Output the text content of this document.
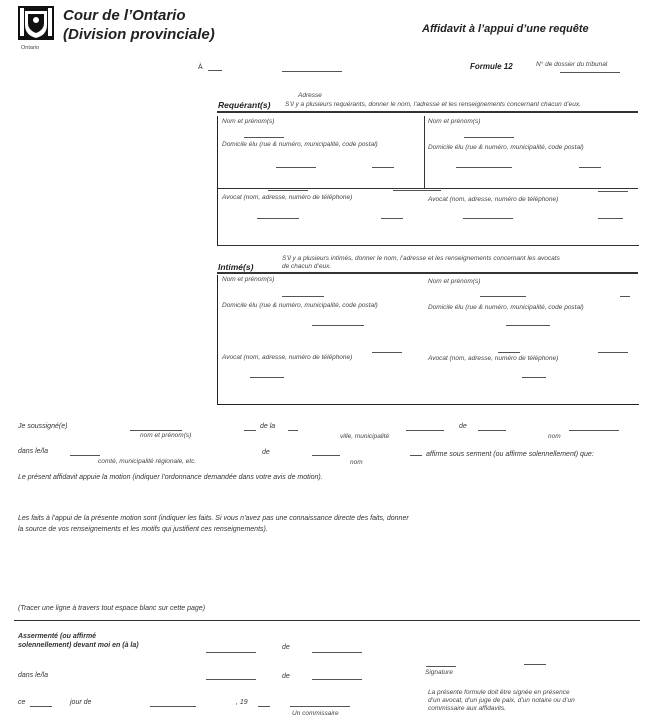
Ontario
Cour de l’Ontario
(Division provinciale)	Affidavit à l’appui d’une requête
À
Adresse
Formule 12	N° de dossier du tribunal
Requérant(s) S’il y a plusieurs requérants, donner le nom, l’adresse et les renseignements concernant chacun d’eux.
Nom et prénom(s)	Nom et prénom(s)
Domicile élu (rue & numéro, municipalité, code postal)	Domicile élu (rue & numéro, municipalité, code postal)
Avocat (nom, adresse, numéro de téléphone)	Avocat (nom, adresse, numéro de téléphone)
S’il y a plusieurs intimés, donner le nom, l’adresse et les renseignements concernant les avocats
de chacun d’eux.
Intimé(s)
Nom et prénom(s)	Nom et prénom(s)
Domicile élu (rue & numéro, municipalité, code postal)	Domicile élu (rue & numéro, municipalité, code postal)
Avocat (nom, adresse, numéro de téléphone)	Avocat (nom, adresse, numéro de téléphone)
Je soussigné(e)
nom et prénom(s)
de la
ville, municipalité
de
nom
dans le/la
comté, municipalité régionale, etc.
de
nom
affirme sous serment (ou affirme solennellement) que:
Le présent affidavit appuie la motion (indiquer l’ordonnance demandée dans votre avis de motion).
Les faits à l’appui de la présente motion sont (indiquer les faits. Si vous n’avez pas une connaissance directe des faits, donner
la source de vos renseignements et les motifs qui justifient ces renseignements).
(Tracer une ligne à travers tout espace blanc sur cette page)
Assermenté (ou affirmé
solennellement) devant moi en (à la)	de
Signature
dans le/la	de
ce	jour de	, 19
Un commissaire
La présente formule doit être signée en présence
d’un avocat, d’un juge de paix, d’un notaire ou d’un
commissaire aux affidavits.
